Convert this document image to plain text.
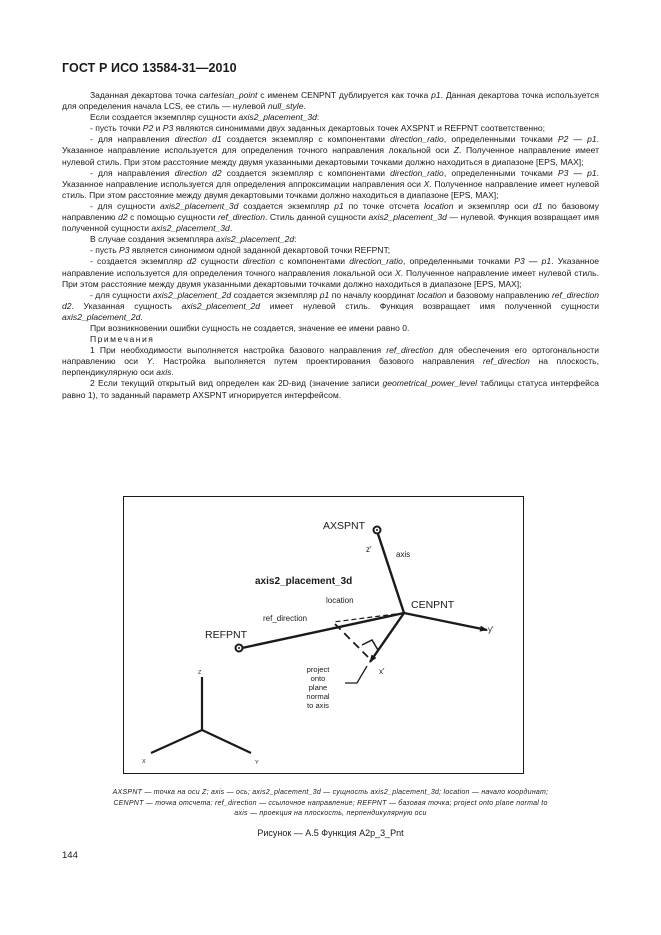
ГОСТ Р ИСО 13584-31—2010

Заданная декартова точка cartesian_point с именем CENPNT дублируется как точка p1. Данная декартова точка используется для определения начала LCS, ее стиль — нулевой null_style.

Если создается экземпляр сущности axis2_placement_3d:

- пусть точки P2 и P3 являются синонимами двух заданных декартовых точек AXSPNT и REFPNT соответственно;

- для направления direction d1 создается экземпляр с компонентами direction_ratio, определенными точками P2 — p1. Указанное направление используется для определения точного направления локальной оси Z. Полученное направление имеет нулевой стиль. При этом расстояние между двумя указанными декартовыми точками должно находиться в диапазоне [EPS, MAX];

- для направления direction d2 создается экземпляр с компонентами direction_ratio, определенными точками P3 — p1. Указанное направление используется для определения аппроксимации направления оси X. Полученное направление имеет нулевой стиль. При этом расстояние между двумя декартовыми точками должно находиться в диапазоне [EPS, MAX];

- для сущности axis2_placement_3d создается экземпляр p1 по точке отсчета location и экземпляр оси d1 по базовому направлению d2 с помощью сущности ref_direction. Стиль данной сущности axis2_placement_3d — нулевой. Функция возвращает имя полученной сущности axis2_placement_3d.

В случае создания экземпляра axis2_placement_2d:

- пусть P3 является синонимом одной заданной декартовой точки REFPNT;

- создается экземпляр d2 сущности direction с компонентами direction_ratio, определенными точками P3 — p1. Указанное направление используется для определения точного направления локальной оси X. Полученное направление имеет нулевой стиль. При этом расстояние между двумя указанными декартовыми точками должно находиться в диапазоне [EPS, MAX];

- для сущности axis2_placement_2d создается экземпляр p1 по началу координат location и базовому направлению ref_direction d2. Указанная сущность axis2_placement_2d имеет нулевой стиль. Функция возвращает имя полученной сущности axis2_placement_2d.

При возникновении ошибки сущность не создается, значение ее имени равно 0.

Примечания

1 При необходимости выполняется настройка базового направления ref_direction для обеспечения его ортогональности направлению оси Y. Настройка выполняется путем проектирования базового направления ref_direction на плоскость, перпендикулярную оси axis.

2 Если текущий открытый вид определен как 2D-вид (значение записи geometrical_power_level таблицы статуса интерфейса равно 1), то заданный параметр AXSPNT игнорируется интерфейсом.

AXSPNT
z'
axis
axis2_placement_3d
location	CENPNT
ref_direction
REFPNT	y'
x'
project
onto
plane
normal
to axis
Z
X	Y
AXSPNT — точка на оси Z; axis — ось; axis2_placement_3d — сущность axis2_placement_3d; location — начало координат;
CENPNT — точка отсчета: ref_direction — ссылочное направление; REFPNT — базовая точка; project onto plane normal to
axis — проекция на плоскость, перпендикулярную оси
Рисунок — А.5 Функция A2p_3_Pnt
144
